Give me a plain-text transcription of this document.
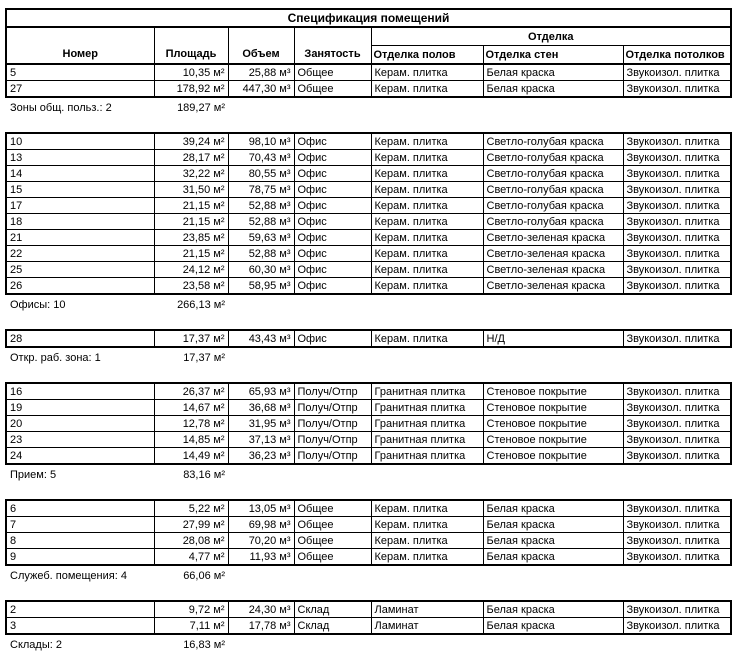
Спецификация помещений
Номер	Площадь	Объем	Занятость	Отделка		
				Отделка полов	Отделка стен	Отделка потолков
5	10,35 м²	25,88 м³	Общее	Керам. плитка	Белая краска	Звукоизол. плитка
27	178,92 м²	447,30 м³	Общее	Керам. плитка	Белая краска	Звукоизол. плитка
Зоны общ. польз.: 2	189,27 м²
10	39,24 м²	98,10 м³	Офис	Керам. плитка	Светло-голубая краска	Звукоизол. плитка
13	28,17 м²	70,43 м³	Офис	Керам. плитка	Светло-голубая краска	Звукоизол. плитка
14	32,22 м²	80,55 м³	Офис	Керам. плитка	Светло-голубая краска	Звукоизол. плитка
15	31,50 м²	78,75 м³	Офис	Керам. плитка	Светло-голубая краска	Звукоизол. плитка
17	21,15 м²	52,88 м³	Офис	Керам. плитка	Светло-голубая краска	Звукоизол. плитка
18	21,15 м²	52,88 м³	Офис	Керам. плитка	Светло-голубая краска	Звукоизол. плитка
21	23,85 м²	59,63 м³	Офис	Керам. плитка	Светло-зеленая краска	Звукоизол. плитка
22	21,15 м²	52,88 м³	Офис	Керам. плитка	Светло-зеленая краска	Звукоизол. плитка
25	24,12 м²	60,30 м³	Офис	Керам. плитка	Светло-зеленая краска	Звукоизол. плитка
26	23,58 м²	58,95 м³	Офис	Керам. плитка	Светло-зеленая краска	Звукоизол. плитка
Офисы: 10	266,13 м²
28	17,37 м²	43,43 м³	Офис	Керам. плитка	Н/Д	Звукоизол. плитка
Откр. раб. зона: 1	17,37 м²
16	26,37 м²	65,93 м³	Получ/Отпр	Гранитная плитка	Стеновое покрытие	Звукоизол. плитка
19	14,67 м²	36,68 м³	Получ/Отпр	Гранитная плитка	Стеновое покрытие	Звукоизол. плитка
20	12,78 м²	31,95 м³	Получ/Отпр	Гранитная плитка	Стеновое покрытие	Звукоизол. плитка
23	14,85 м²	37,13 м³	Получ/Отпр	Гранитная плитка	Стеновое покрытие	Звукоизол. плитка
24	14,49 м²	36,23 м³	Получ/Отпр	Гранитная плитка	Стеновое покрытие	Звукоизол. плитка
Прием: 5	83,16 м²
6	5,22 м²	13,05 м³	Общее	Керам. плитка	Белая краска	Звукоизол. плитка
7	27,99 м²	69,98 м³	Общее	Керам. плитка	Белая краска	Звукоизол. плитка
8	28,08 м²	70,20 м³	Общее	Керам. плитка	Белая краска	Звукоизол. плитка
9	4,77 м²	11,93 м³	Общее	Керам. плитка	Белая краска	Звукоизол. плитка
Служеб. помещения: 4	66,06 м²
2	9,72 м²	24,30 м³	Склад	Ламинат	Белая краска	Звукоизол. плитка
3	7,11 м²	17,78 м³	Склад	Ламинат	Белая краска	Звукоизол. плитка
Склады: 2	16,83 м²
